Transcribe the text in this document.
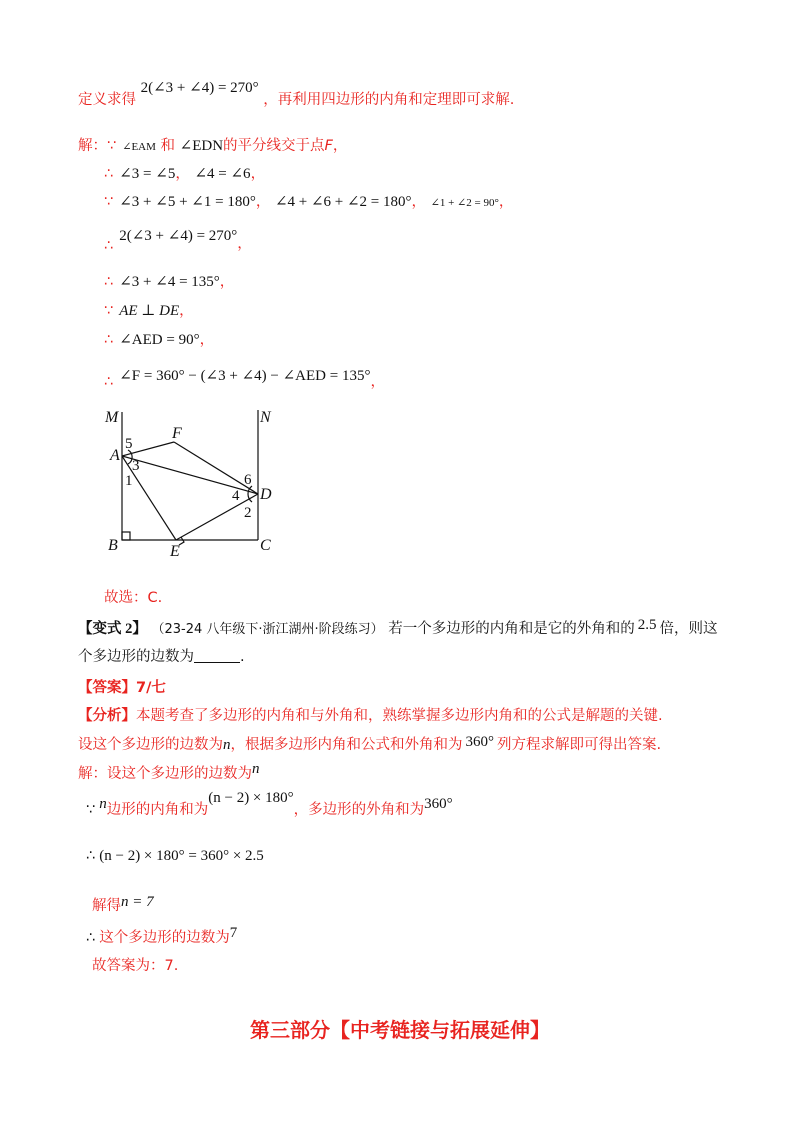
定义求得 2(∠3 + ∠4) = 270° ，再利用四边形的内角和定理即可求解.
解：∵ ∠EAM 和 ∠EDN的平分线交于点F，
∴ ∠3 = ∠5， ∠4 = ∠6，
∵ ∠3 + ∠5 + ∠1 = 180°， ∠4 + ∠6 + ∠2 = 180°， ∠1 + ∠2 = 90°，
∴2(∠3 + ∠4) = 270°，
∴ ∠3 + ∠4 = 135°，
∵ AE ⊥ DE，
∴ ∠AED = 90°，
∴ ∠F = 360° − (∠3 + ∠4) − ∠AED = 135°，
M	N
F
A
D
B	E	C
5
3
1	6
4
2
故选：C.
【变式 2】 （23-24 八年级下·浙江湖州·阶段练习） 若一个多边形的内角和是它的外角和的 2.5 倍，则这
个多边形的边数为	.
【答案】7/七
【分析】本题考查了多边形的内角和与外角和，熟练掌握多边形内角和的公式是解题的关键.
设这个多边形的边数为n，根据多边形内角和公式和外角和为 360° 列方程求解即可得出答案.
解：设这个多边形的边数为n
∵ n边形的内角和为(n − 2) × 180°，多边形的外角和为360°
∴ (n − 2) × 180° = 360° × 2.5
解得n = 7
∴ 这个多边形的边数为7
故答案为：7.
第三部分【中考链接与拓展延伸】
